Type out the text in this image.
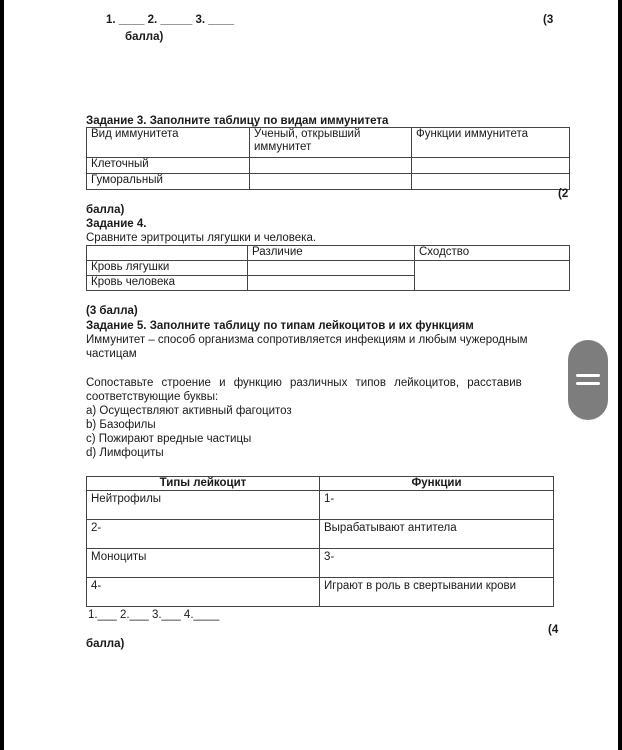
1. ____ 2. _____ 3. ____	(3
балла)
Задание 3. Заполните таблицу по видам иммунитета
Вид иммунитета	Ученый, открывший иммунитет	Функции иммунитета
Клеточный		
Гуморальный		
(2
балла)
Задание 4.
Сравните эритроциты лягушки и человека.
	Различие	Сходство
Кровь лягушки		
Кровь человека		
(3 балла)
Задание 5. Заполните таблицу по типам лейкоцитов и их функциям
Иммунитет – способ организма сопротивляется инфекциям и любым чужеродным
частицам
Сопоставьте строение и функцию различных типов лейкоцитов, расставив
соответствующие буквы:
a) Осуществляют активный фагоцитоз
b) Базофилы
c) Пожирают вредные частицы
d) Лимфоциты
Типы лейкоцит	Функции
Нейтрофилы	1-
2-	Вырабатывают антитела
Моноциты	3-
4-	Играют в роль в свертывании крови
1.___ 2.___ 3.___ 4.____
(4
балла)
